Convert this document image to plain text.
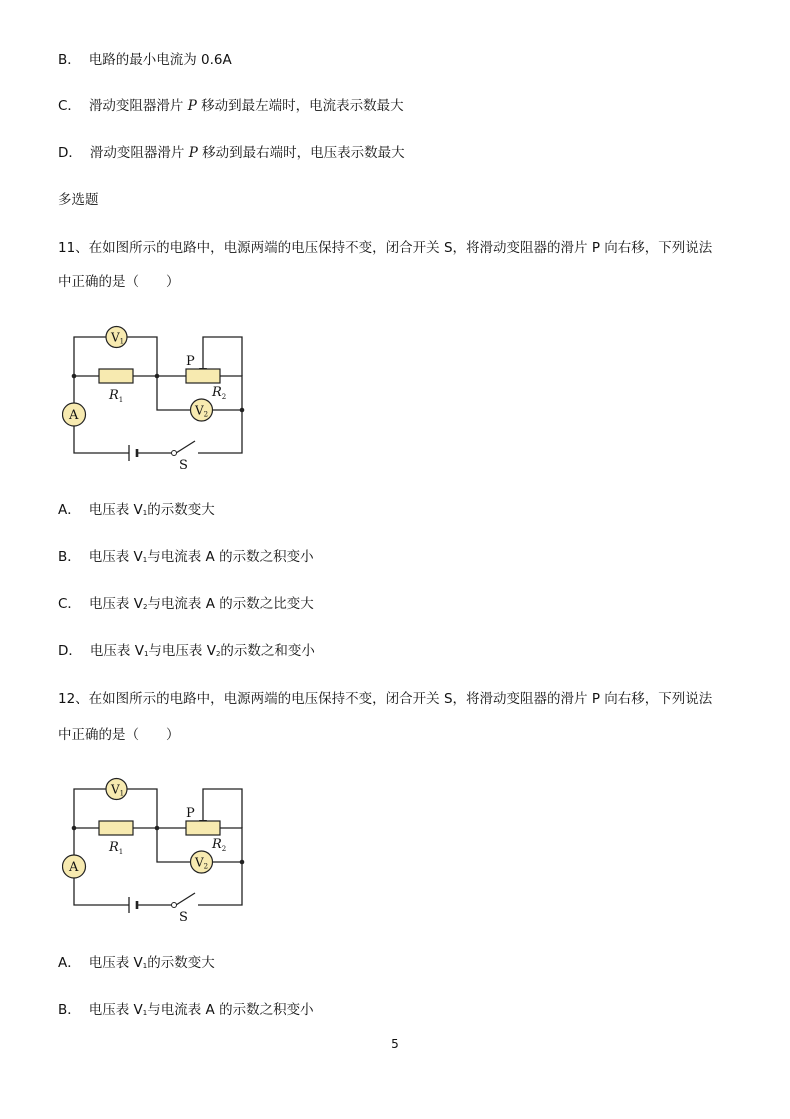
B． 电路的最小电流为 0.6A
C． 滑动变阻器滑片 P 移动到最左端时，电流表示数最大
D． 滑动变阻器滑片 P 移动到最右端时，电压表示数最大
多选题
11、在如图所示的电路中，电源两端的电压保持不变，闭合开关 S，将滑动变阻器的滑片 P 向右移，下列说法
中正确的是（　　）
V1
V2
A
$R_1$	$R_2$
P
S
A． 电压表 $V_1$的示数变大
B． 电压表 $V_1$与电流表 A 的示数之积变小
C． 电压表 $V_2$与电流表 A 的示数之比变大
D． 电压表 $V_1$与电压表 $V_2$的示数之和变小
12、在如图所示的电路中，电源两端的电压保持不变，闭合开关 S，将滑动变阻器的滑片 P 向右移，下列说法
中正确的是（　　）
V1
V2
A
$R_1$	$R_2$
P
S
A． 电压表 $V_1$的示数变大
B． 电压表 $V_1$与电流表 A 的示数之积变小
5
